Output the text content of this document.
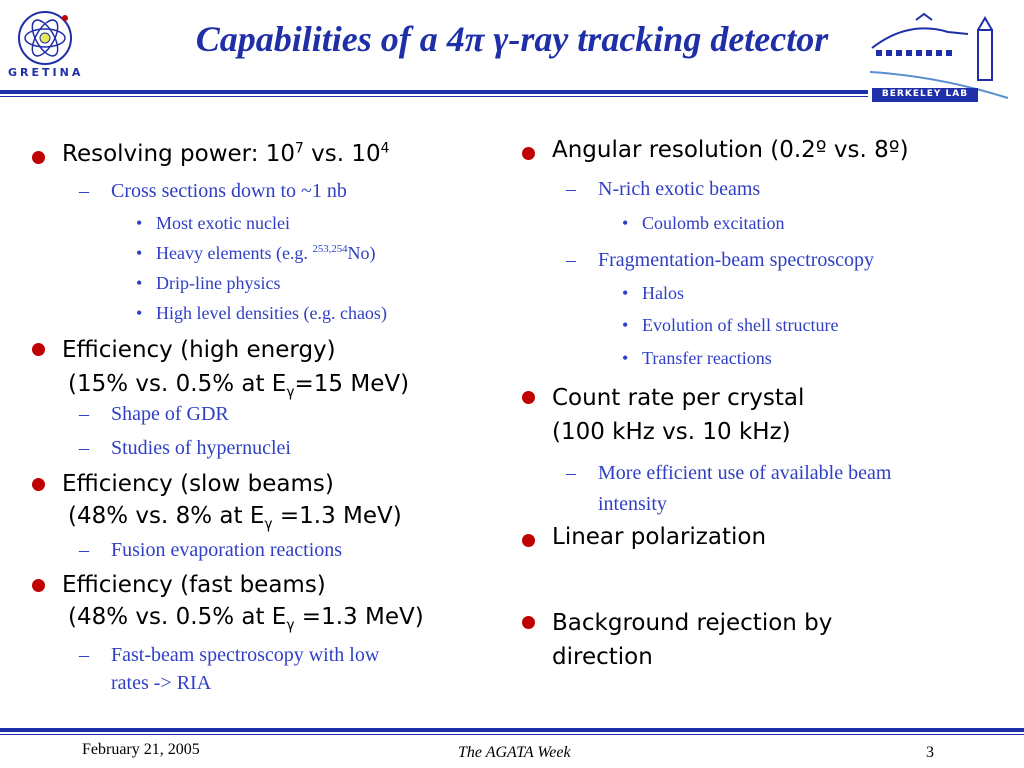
GRETINA
Capabilities of a 4π γ-ray tracking detector
BERKELEY LAB
Resolving power: $10^7$ vs. $10^4$
– Cross sections down to ~1 nb
• Most exotic nuclei
• Heavy elements (e.g. $^{253,254}$No)
• Drip-line physics
• High level densities (e.g. chaos)
Efficiency (high energy)

(15% vs. 0.5% at $E_\gamma=15$ MeV)
– Shape of GDR
– Studies of hypernuclei
Efficiency (slow beams)

(48% vs. 8% at $E_\gamma =1.3$ MeV)
– Fusion evaporation reactions
Efficiency (fast beams)

(48% vs. 0.5% at $E_\gamma =1.3$ MeV)
– Fast-beam spectroscopy with low
rates -> RIA
Angular resolution (0.2º vs. 8º)
– N-rich exotic beams
• Coulomb excitation
– Fragmentation-beam spectroscopy
• Halos
• Evolution of shell structure
• Transfer reactions
Count rate per crystal
(100 kHz vs. 10 kHz)
– More efficient use of available beam
intensity
Linear polarization
Background rejection by
direction
February 21, 2005	The AGATA Week	3
